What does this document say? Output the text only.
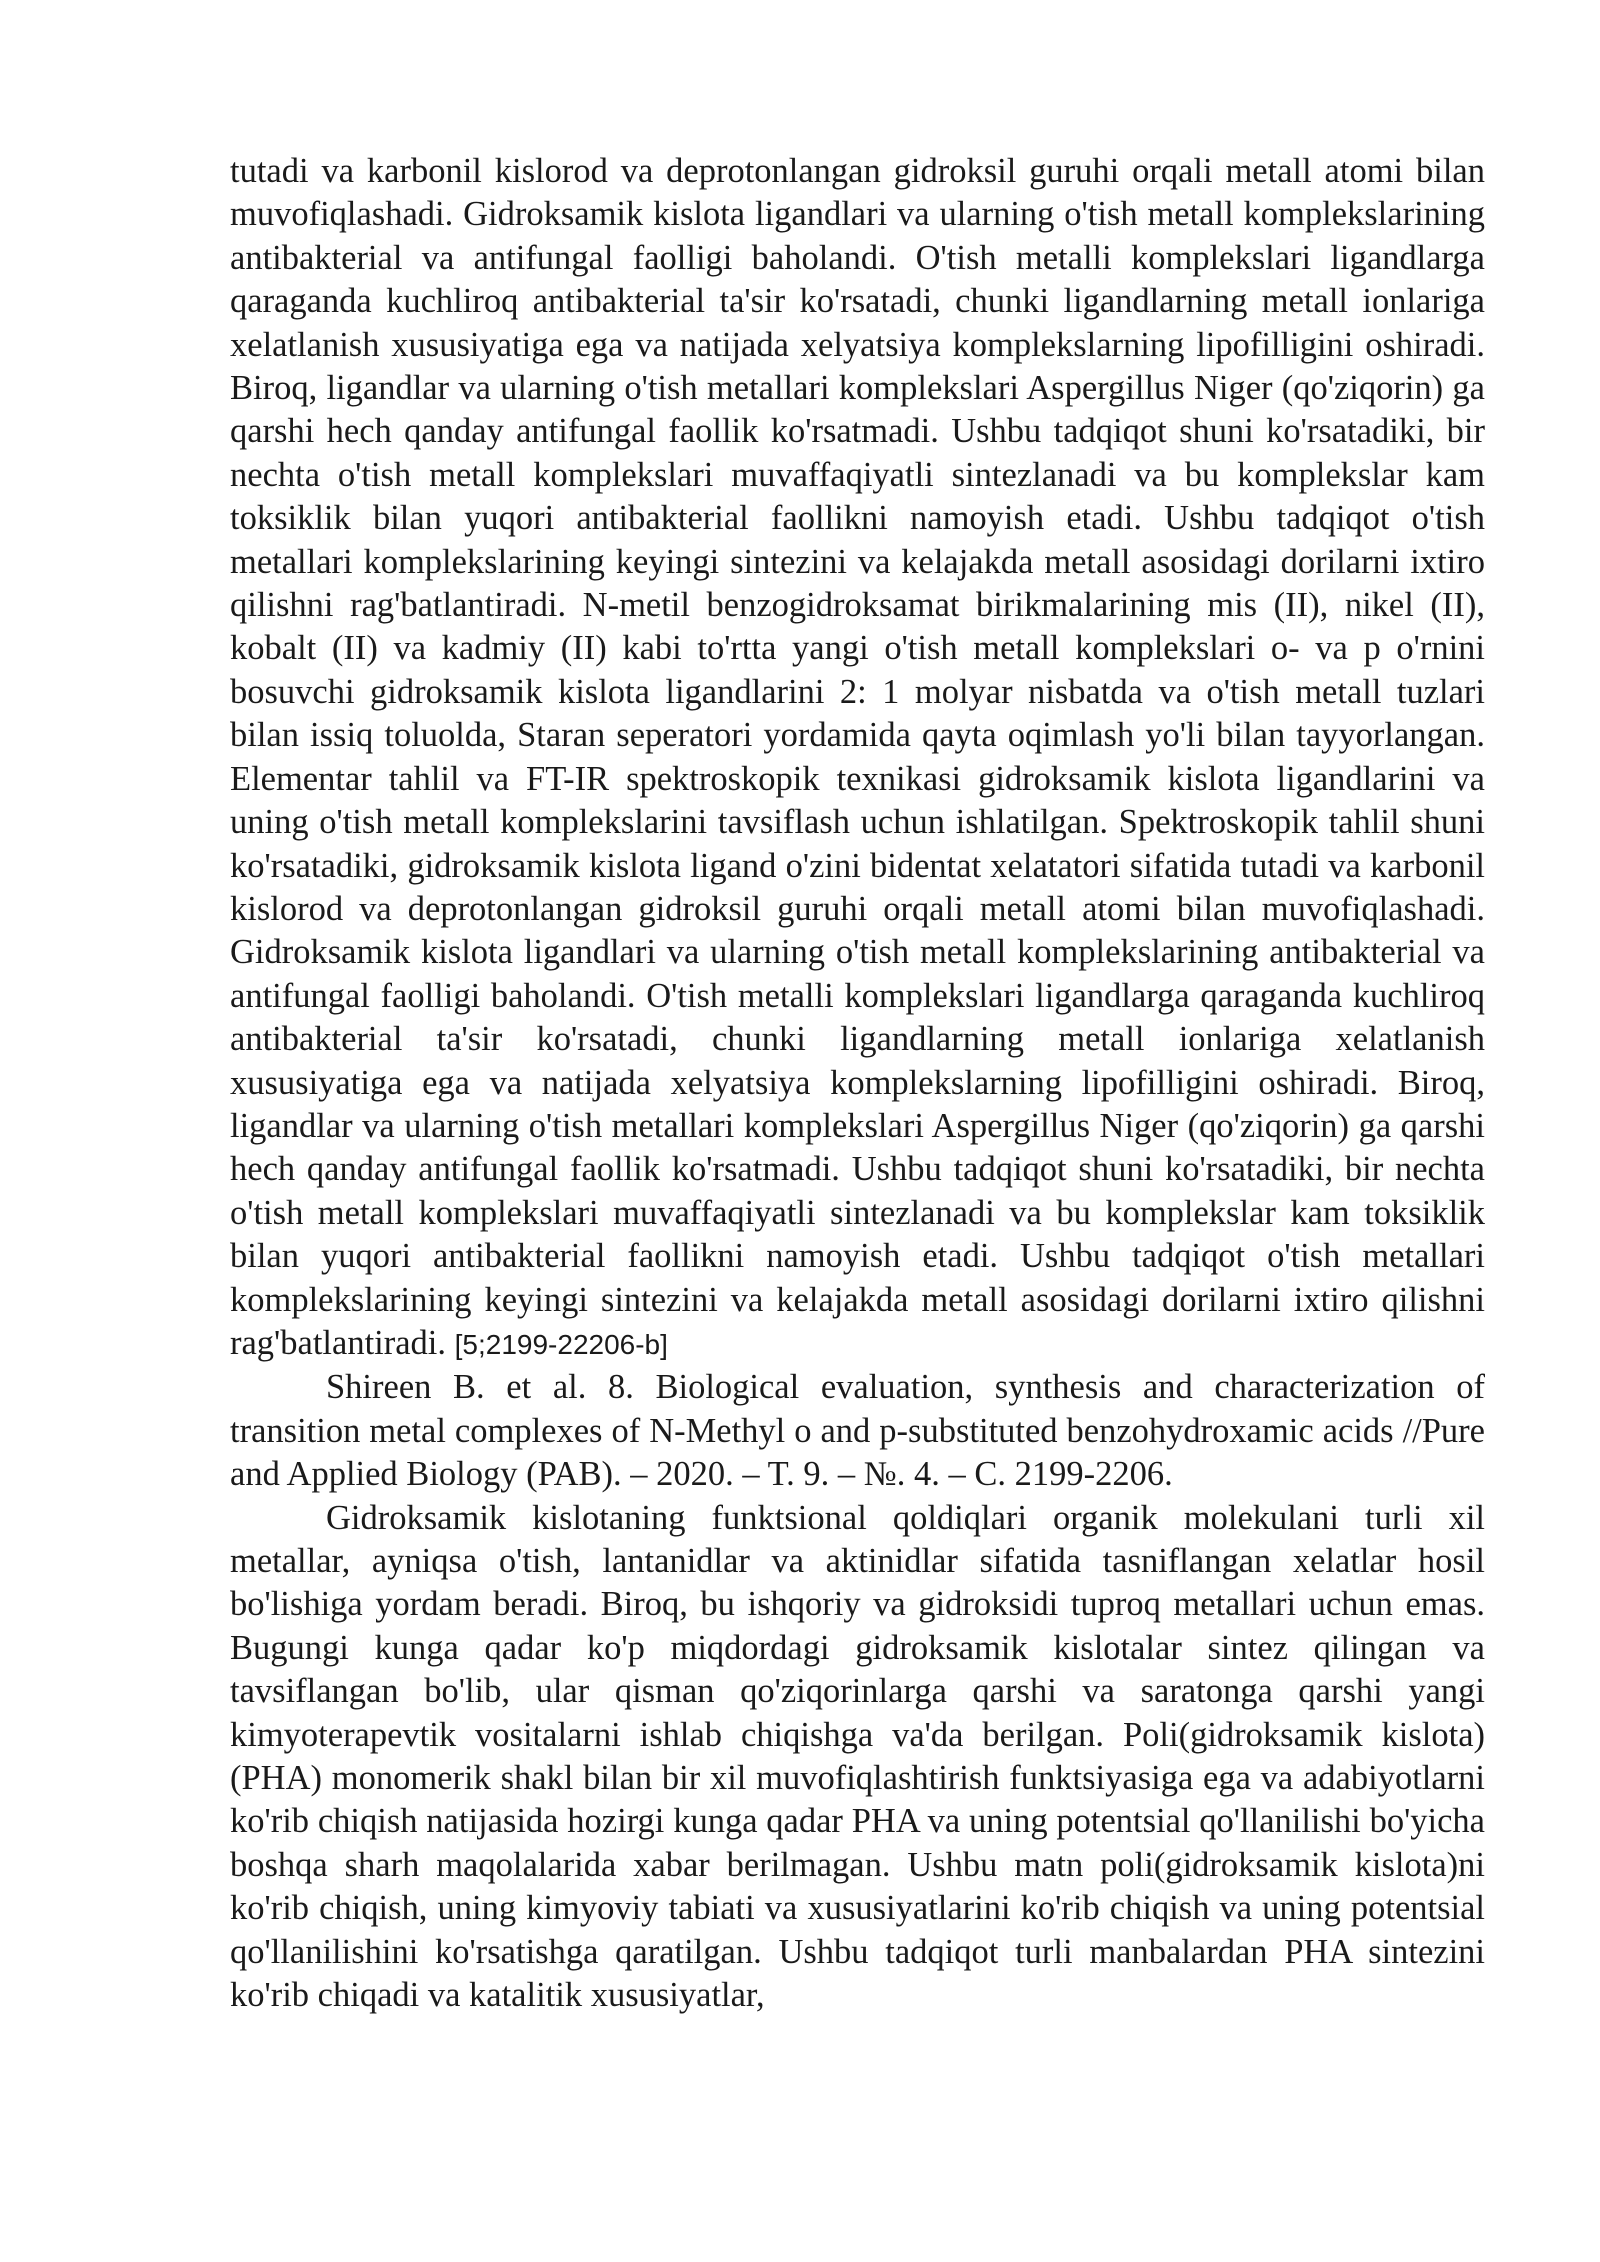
tutadi va karbonil kislorod va deprotonlangan gidroksil guruhi orqali metall atomi bilan muvofiqlashadi. Gidroksamik kislota ligandlari va ularning o'tish metall komplekslarining antibakterial va antifungal faolligi baholandi. O'tish metalli komplekslari ligandlarga qaraganda kuchliroq antibakterial ta'sir ko'rsatadi, chunki ligandlarning metall ionlariga xelatlanish xususiyatiga ega va natijada xelyatsiya komplekslarning lipofilligini oshiradi. Biroq, ligandlar va ularning o'tish metallari komplekslari Aspergillus Niger (qo'ziqorin) ga qarshi hech qanday antifungal faollik ko'rsatmadi. Ushbu tadqiqot shuni ko'rsatadiki, bir nechta o'tish metall komplekslari muvaffaqiyatli sintezlanadi va bu komplekslar kam toksiklik bilan yuqori antibakterial faollikni namoyish etadi. Ushbu tadqiqot o'tish metallari komplekslarining keyingi sintezini va kelajakda metall asosidagi dorilarni ixtiro qilishni rag'batlantiradi. N-metil benzogidroksamat birikmalarining mis (II), nikel (II), kobalt (II) va kadmiy (II) kabi to'rtta yangi o'tish metall komplekslari o- va p o'rnini bosuvchi gidroksamik kislota ligandlarini 2: 1 molyar nisbatda va o'tish metall tuzlari bilan issiq toluolda, Staran seperatori yordamida qayta oqimlash yo'li bilan tayyorlangan. Elementar tahlil va FT-IR spektroskopik texnikasi gidroksamik kislota ligandlarini va uning o'tish metall komplekslarini tavsiflash uchun ishlatilgan. Spektroskopik tahlil shuni ko'rsatadiki, gidroksamik kislota ligand o'zini bidentat xelatatori sifatida tutadi va karbonil kislorod va deprotonlangan gidroksil guruhi orqali metall atomi bilan muvofiqlashadi. Gidroksamik kislota ligandlari va ularning o'tish metall komplekslarining antibakterial va antifungal faolligi baholandi. O'tish metalli komplekslari ligandlarga qaraganda kuchliroq antibakterial ta'sir ko'rsatadi, chunki ligandlarning metall ionlariga xelatlanish xususiyatiga ega va natijada xelyatsiya komplekslarning lipofilligini oshiradi. Biroq, ligandlar va ularning o'tish metallari komplekslari Aspergillus Niger (qo'ziqorin) ga qarshi hech qanday antifungal faollik ko'rsatmadi. Ushbu tadqiqot shuni ko'rsatadiki, bir nechta o'tish metall komplekslari muvaffaqiyatli sintezlanadi va bu komplekslar kam toksiklik bilan yuqori antibakterial faollikni namoyish etadi. Ushbu tadqiqot o'tish metallari komplekslarining keyingi sintezini va kelajakda metall asosidagi dorilarni ixtiro qilishni rag'batlantiradi. [5;2199-22206-b]

Shireen B. et al. 8. Biological evaluation, synthesis and characterization of transition metal complexes of N-Methyl o and p-substituted benzohydroxamic acids //Pure and Applied Biology (PAB). – 2020. – T. 9. – №. 4. – C. 2199-2206.

Gidroksamik kislotaning funktsional qoldiqlari organik molekulani turli xil metallar, ayniqsa o'tish, lantanidlar va aktinidlar sifatida tasniflangan xelatlar hosil bo'lishiga yordam beradi. Biroq, bu ishqoriy va gidroksidi tuproq metallari uchun emas. Bugungi kunga qadar ko'p miqdordagi gidroksamik kislotalar sintez qilingan va tavsiflangan bo'lib, ular qisman qo'ziqorinlarga qarshi va saratonga qarshi yangi kimyoterapevtik vositalarni ishlab chiqishga va'da berilgan. Poli(gidroksamik kislota) (PHA) monomerik shakl bilan bir xil muvofiqlashtirish funktsiyasiga ega va adabiyotlarni ko'rib chiqish natijasida hozirgi kunga qadar PHA va uning potentsial qo'llanilishi bo'yicha boshqa sharh maqolalarida xabar berilmagan. Ushbu matn poli(gidroksamik kislota)ni ko'rib chiqish, uning kimyoviy tabiati va xususiyatlarini ko'rib chiqish va uning potentsial qo'llanilishini ko'rsatishga qaratilgan. Ushbu tadqiqot turli manbalardan PHA sintezini ko'rib chiqadi va katalitik xususiyatlar,
